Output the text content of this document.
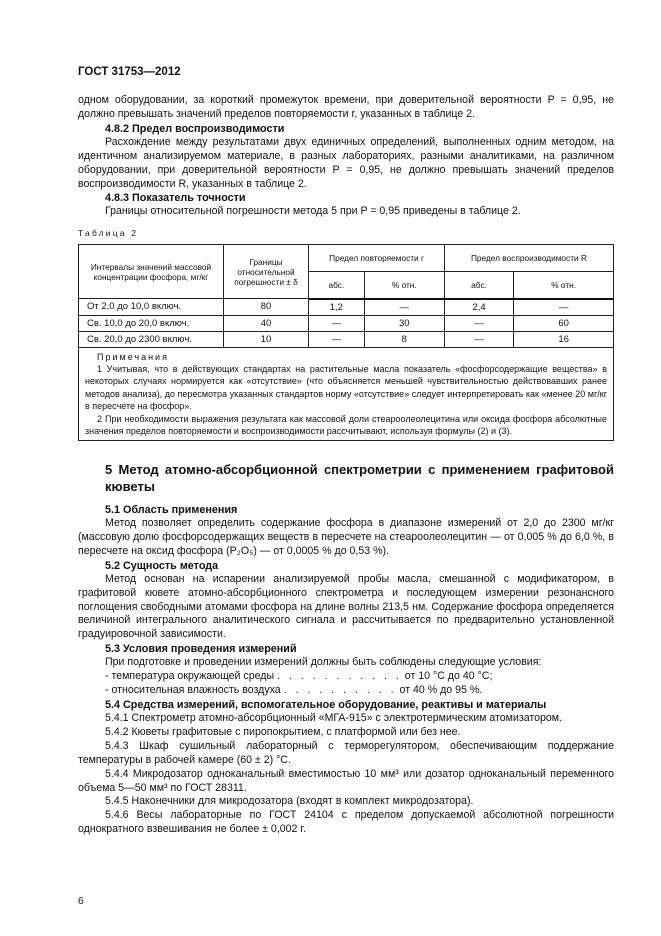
ГОСТ 31753—2012

одном оборудовании, за короткий промежуток времени, при доверительной вероятности P = 0,95, не должно превышать значений пределов повторяемости r, указанных в таблице 2.

4.8.2 Предел воспроизводимости

Расхождение между результатами двух единичных определений, выполненных одним методом, на идентичном анализируемом материале, в разных лабораториях, разными аналитиками, на различном оборудовании, при доверительной вероятности P = 0,95, не должно превышать значений пределов воспроизводимости R, указанных в таблице 2.

4.8.3 Показатель точности

Границы относительной погрешности метода 5 при P = 0,95 приведены в таблице 2.

Таблица 2
Интервалы значений массовой концентрации фосфора, мг/кг	Границы относительной погрешности ± δ	Предел повторяемости r		Предел воспроизводимости R	
		абс.	% отн.	абс.	% отн.
От 2,0 до 10,0 включ.	80	1,2	—	2,4	—
Св. 10,0 до 20,0 включ.	40	—	30	—	60
Св. 20,0 до 2300 включ.	10	—	8	—	16

Примечания

1 Учитывая, что в действующих стандартах на растительные масла показатель «фосфорсодержащие вещества» в некоторых случаях нормируется как «отсутствие» (что объясняется меньшей чувствительностью действовавших ранее методов анализа), до пересмотра указанных стандартов норму «отсутствие» следует интерпретировать как «менее 20 мг/кг в пересчете на фосфор».

2 При необходимости выражения результата как массовой доли стеароолеолецитина или оксида фосфора абсолютные значения пределов повторяемости и воспроизводимости рассчитывают, используя формулы (2) и (3).					

5 Метод атомно-абсорбционной спектрометрии с применением графитовой кюветы

5.1 Область применения

Метод позволяет определить содержание фосфора в диапазоне измерений от 2,0 до 2300 мг/кг (массовую долю фосфорсодержащих веществ в пересчете на стеароолеолецитин — от 0,005 % до 6,0 %, в пересчете на оксид фосфора (P₂O₅) — от 0,0005 % до 0,53 %).

5.2 Сущность метода

Метод основан на испарении анализируемой пробы масла, смешанной с модификатором, в графитовой кювете атомно-абсорбционного спектрометра и последующем измерении резонансного поглощения свободными атомами фосфора на длине волны 213,5 нм. Содержание фосфора определяется величиной интегрального аналитического сигнала и рассчитывается по предварительно установленной градуировочной зависимости.

5.3 Условия проведения измерений

При подготовке и проведении измерений должны быть соблюдены следующие условия:

- температура окружающей среды . . . . . . . . . . . от 10 °С до 40 °С;

- относительная влажность воздуха . . . . . . . . . . от 40 % до 95 %.

5.4 Средства измерений, вспомогательное оборудование, реактивы и материалы

5.4.1 Спектрометр атомно-абсорбционный «МГА-915» с электротермическим атомизатором.

5.4.2 Кюветы графитовые с пиропокрытием, с платформой или без нее.

5.4.3 Шкаф сушильный лабораторный с терморегулятором, обеспечивающим поддержание температуры в рабочей камере (60 ± 2) °С.

5.4.4 Микродозатор одноканальный вместимостью 10 мм³ или дозатор одноканальный переменного объема 5—50 мм³ по ГОСТ 28311.

5.4.5 Наконечники для микродозатора (входят в комплект микродозатора).

5.4.6 Весы лабораторные по ГОСТ 24104 с пределом допускаемой абсолютной погрешности однократного взвешивания не более ± 0,002 г.

6
